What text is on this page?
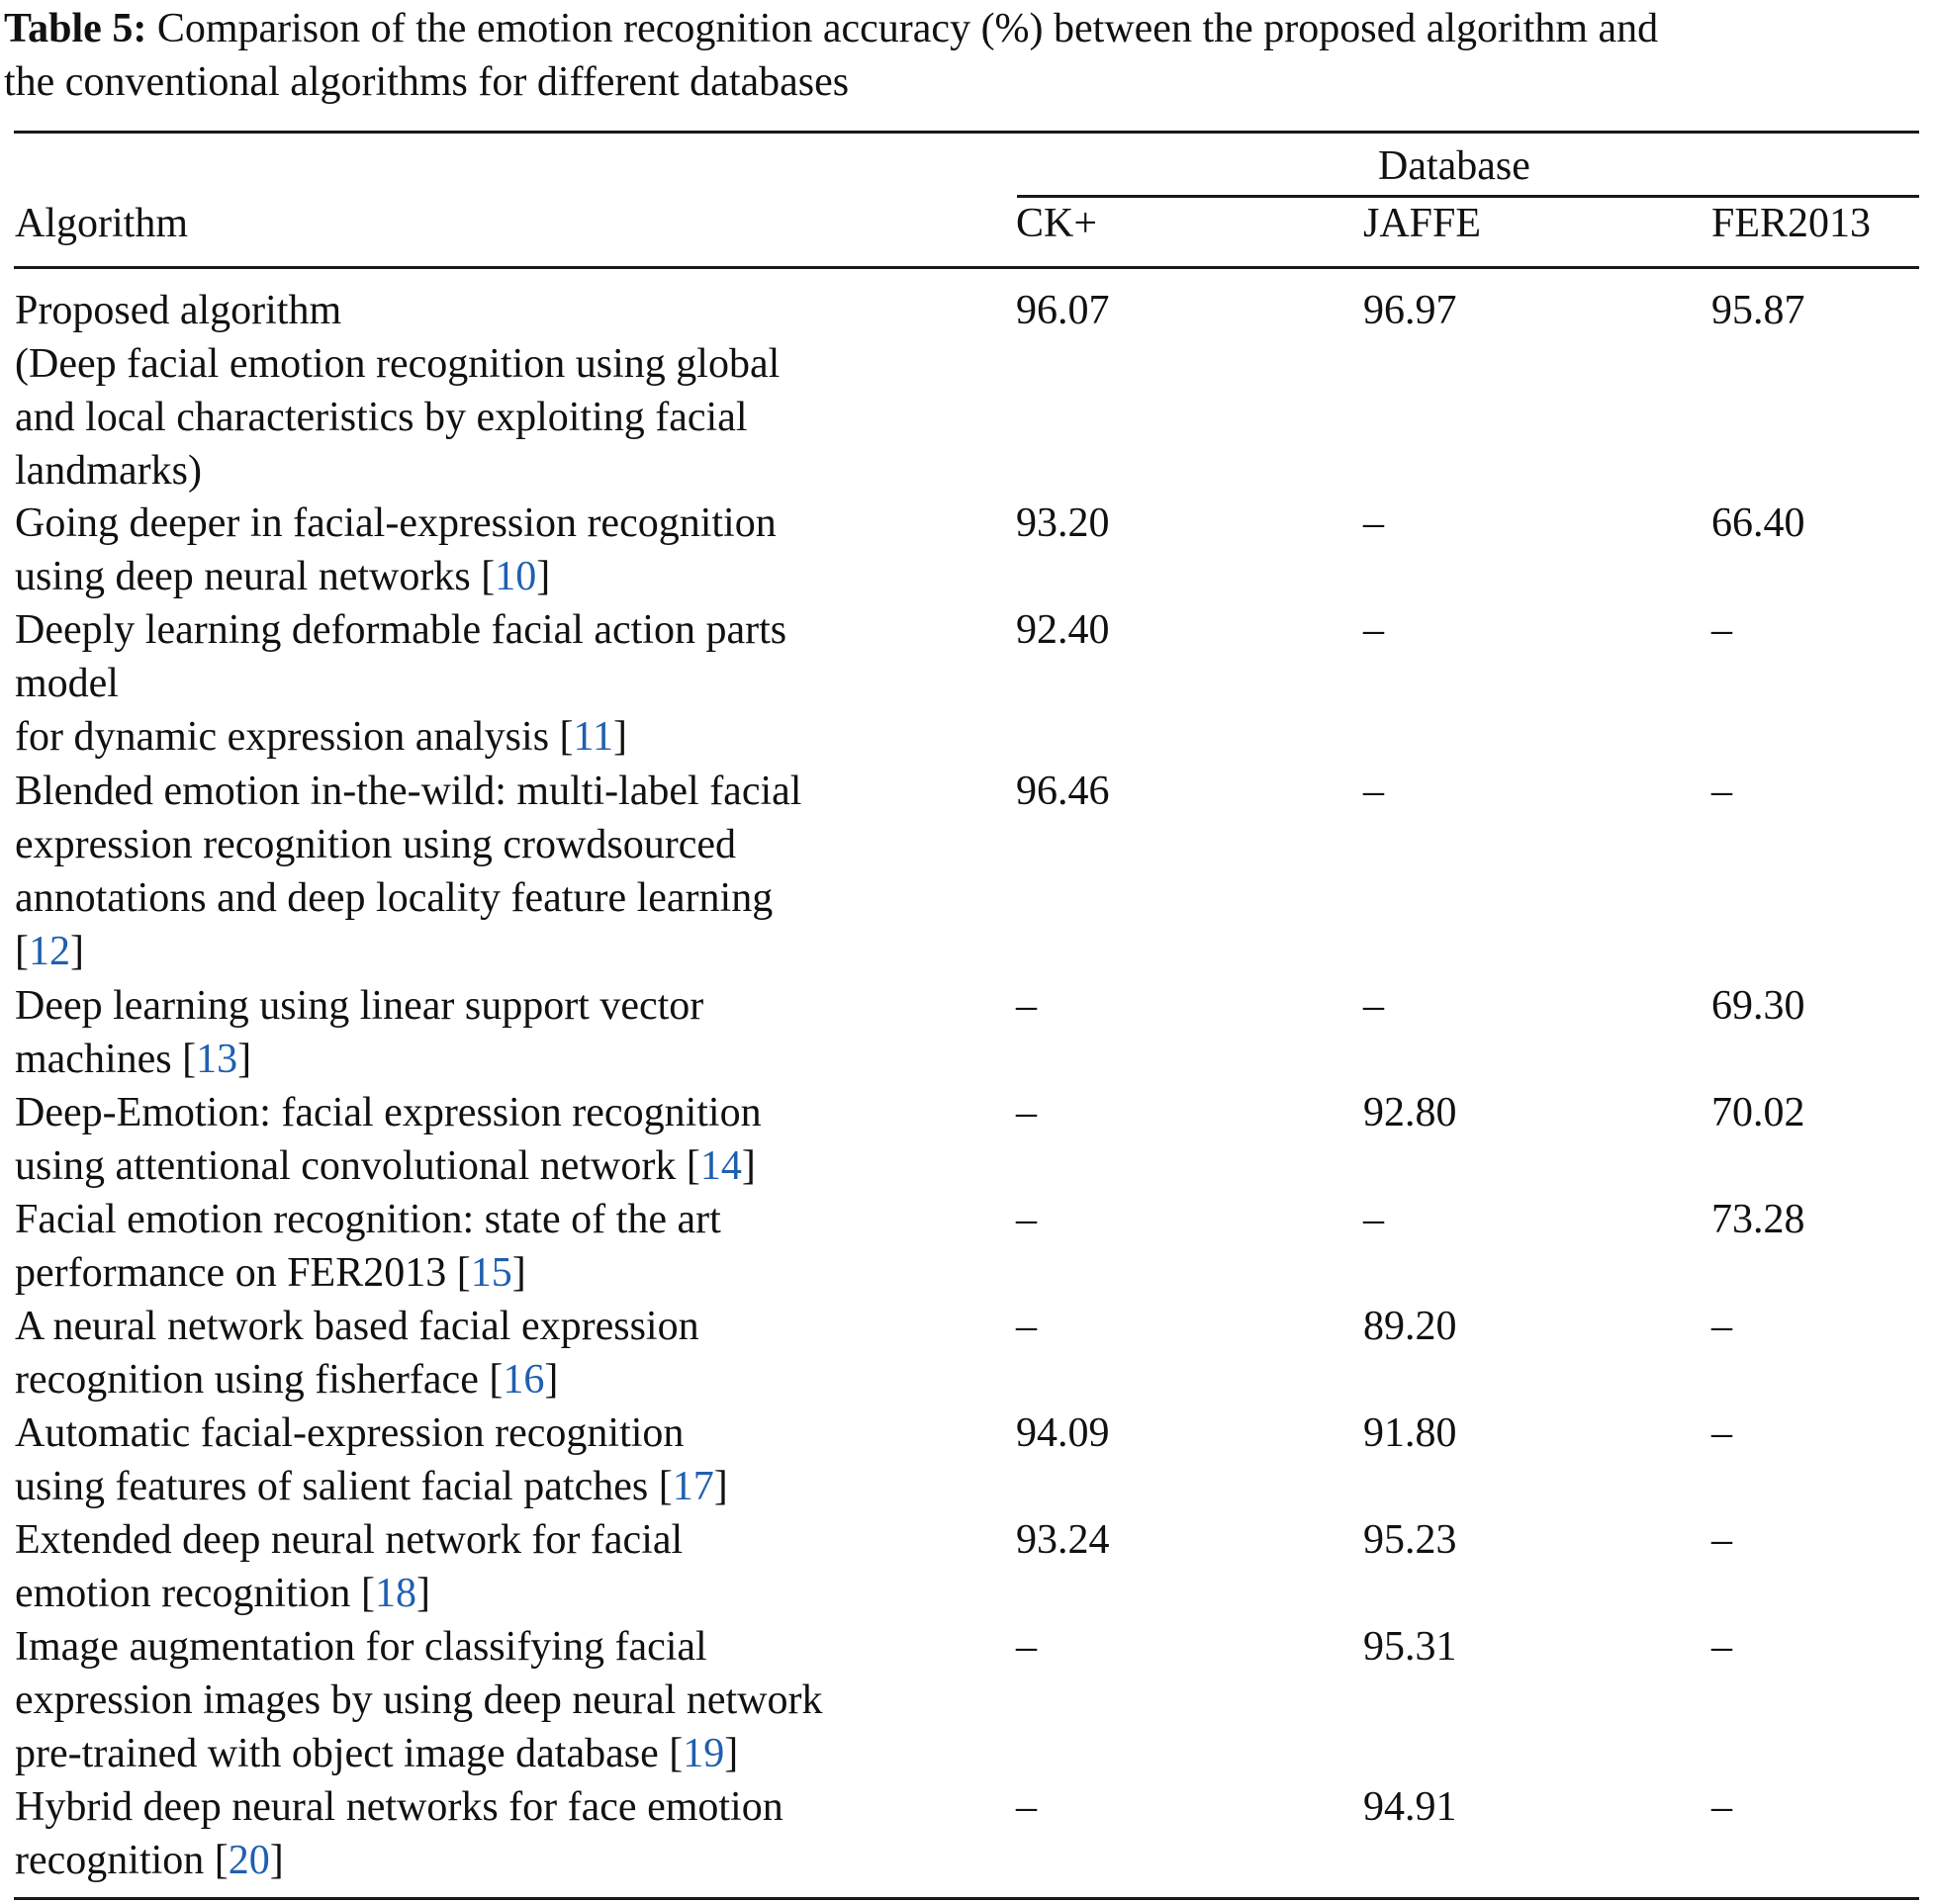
Table 5: Comparison of the emotion recognition accuracy (%) between the proposed algorithm and
the conventional algorithms for different databases
Database
Algorithm	CK+	JAFFE	FER2013
Proposed algorithm
(Deep facial emotion recognition using global
and local characteristics by exploiting facial
landmarks)
96.07	96.97	95.87
Going deeper in facial-expression recognition
using deep neural networks [10]
93.20	–	66.40
Deeply learning deformable facial action parts
model
for dynamic expression analysis [11]
92.40	–	–
Blended emotion in-the-wild: multi-label facial
expression recognition using crowdsourced
annotations and deep locality feature learning
[12]
96.46	–	–
Deep learning using linear support vector
machines [13]
–	–	69.30
Deep-Emotion: facial expression recognition
using attentional convolutional network [14]
–	92.80	70.02
Facial emotion recognition: state of the art
performance on FER2013 [15]
–	–	73.28
A neural network based facial expression
recognition using fisherface [16]
–	89.20	–
Automatic facial-expression recognition
using features of salient facial patches [17]
94.09	91.80	–
Extended deep neural network for facial
emotion recognition [18]
93.24	95.23	–
Image augmentation for classifying facial
expression images by using deep neural network
pre-trained with object image database [19]
–	95.31	–
Hybrid deep neural networks for face emotion
recognition [20]
–	94.91	–
